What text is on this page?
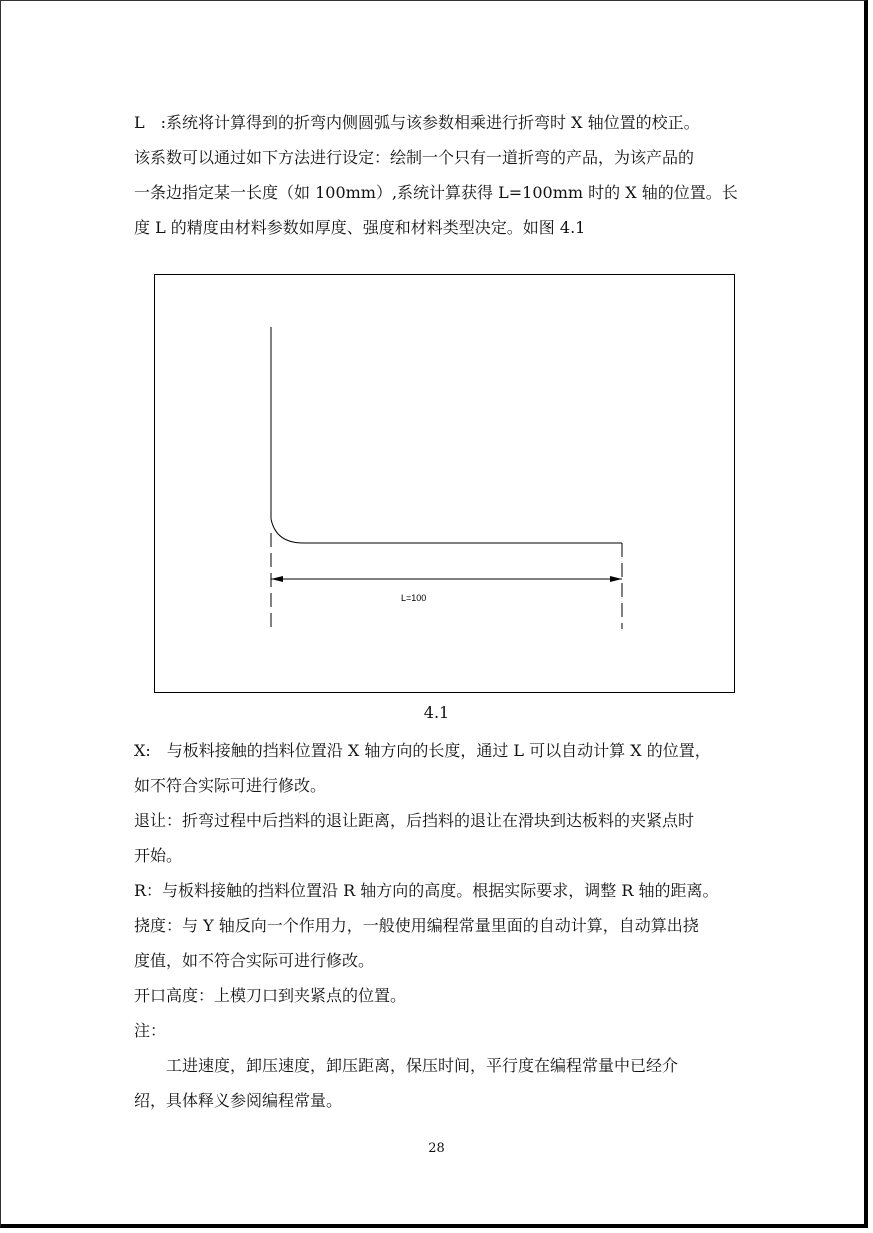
L　:系统将计算得到的折弯内侧圆弧与该参数相乘进行折弯时 X 轴位置的校正。
该系数可以通过如下方法进行设定：绘制一个只有一道折弯的产品，为该产品的
一条边指定某一长度（如 100mm）,系统计算获得 L=100mm 时的 X 轴的位置。长
度 L 的精度由材料参数如厚度、强度和材料类型决定。如图 4.1
L=100
4.1
X:　与板料接触的挡料位置沿 X 轴方向的长度，通过 L 可以自动计算 X 的位置，
如不符合实际可进行修改。
退让：折弯过程中后挡料的退让距离，后挡料的退让在滑块到达板料的夹紧点时
开始。
R：与板料接触的挡料位置沿 R 轴方向的高度。根据实际要求，调整 R 轴的距离。
挠度：与 Y 轴反向一个作用力，一般使用编程常量里面的自动计算，自动算出挠
度值，如不符合实际可进行修改。
开口高度：上模刀口到夹紧点的位置。
注：
工进速度，卸压速度，卸压距离，保压时间，平行度在编程常量中已经介
绍，具体释义参阅编程常量。
28
